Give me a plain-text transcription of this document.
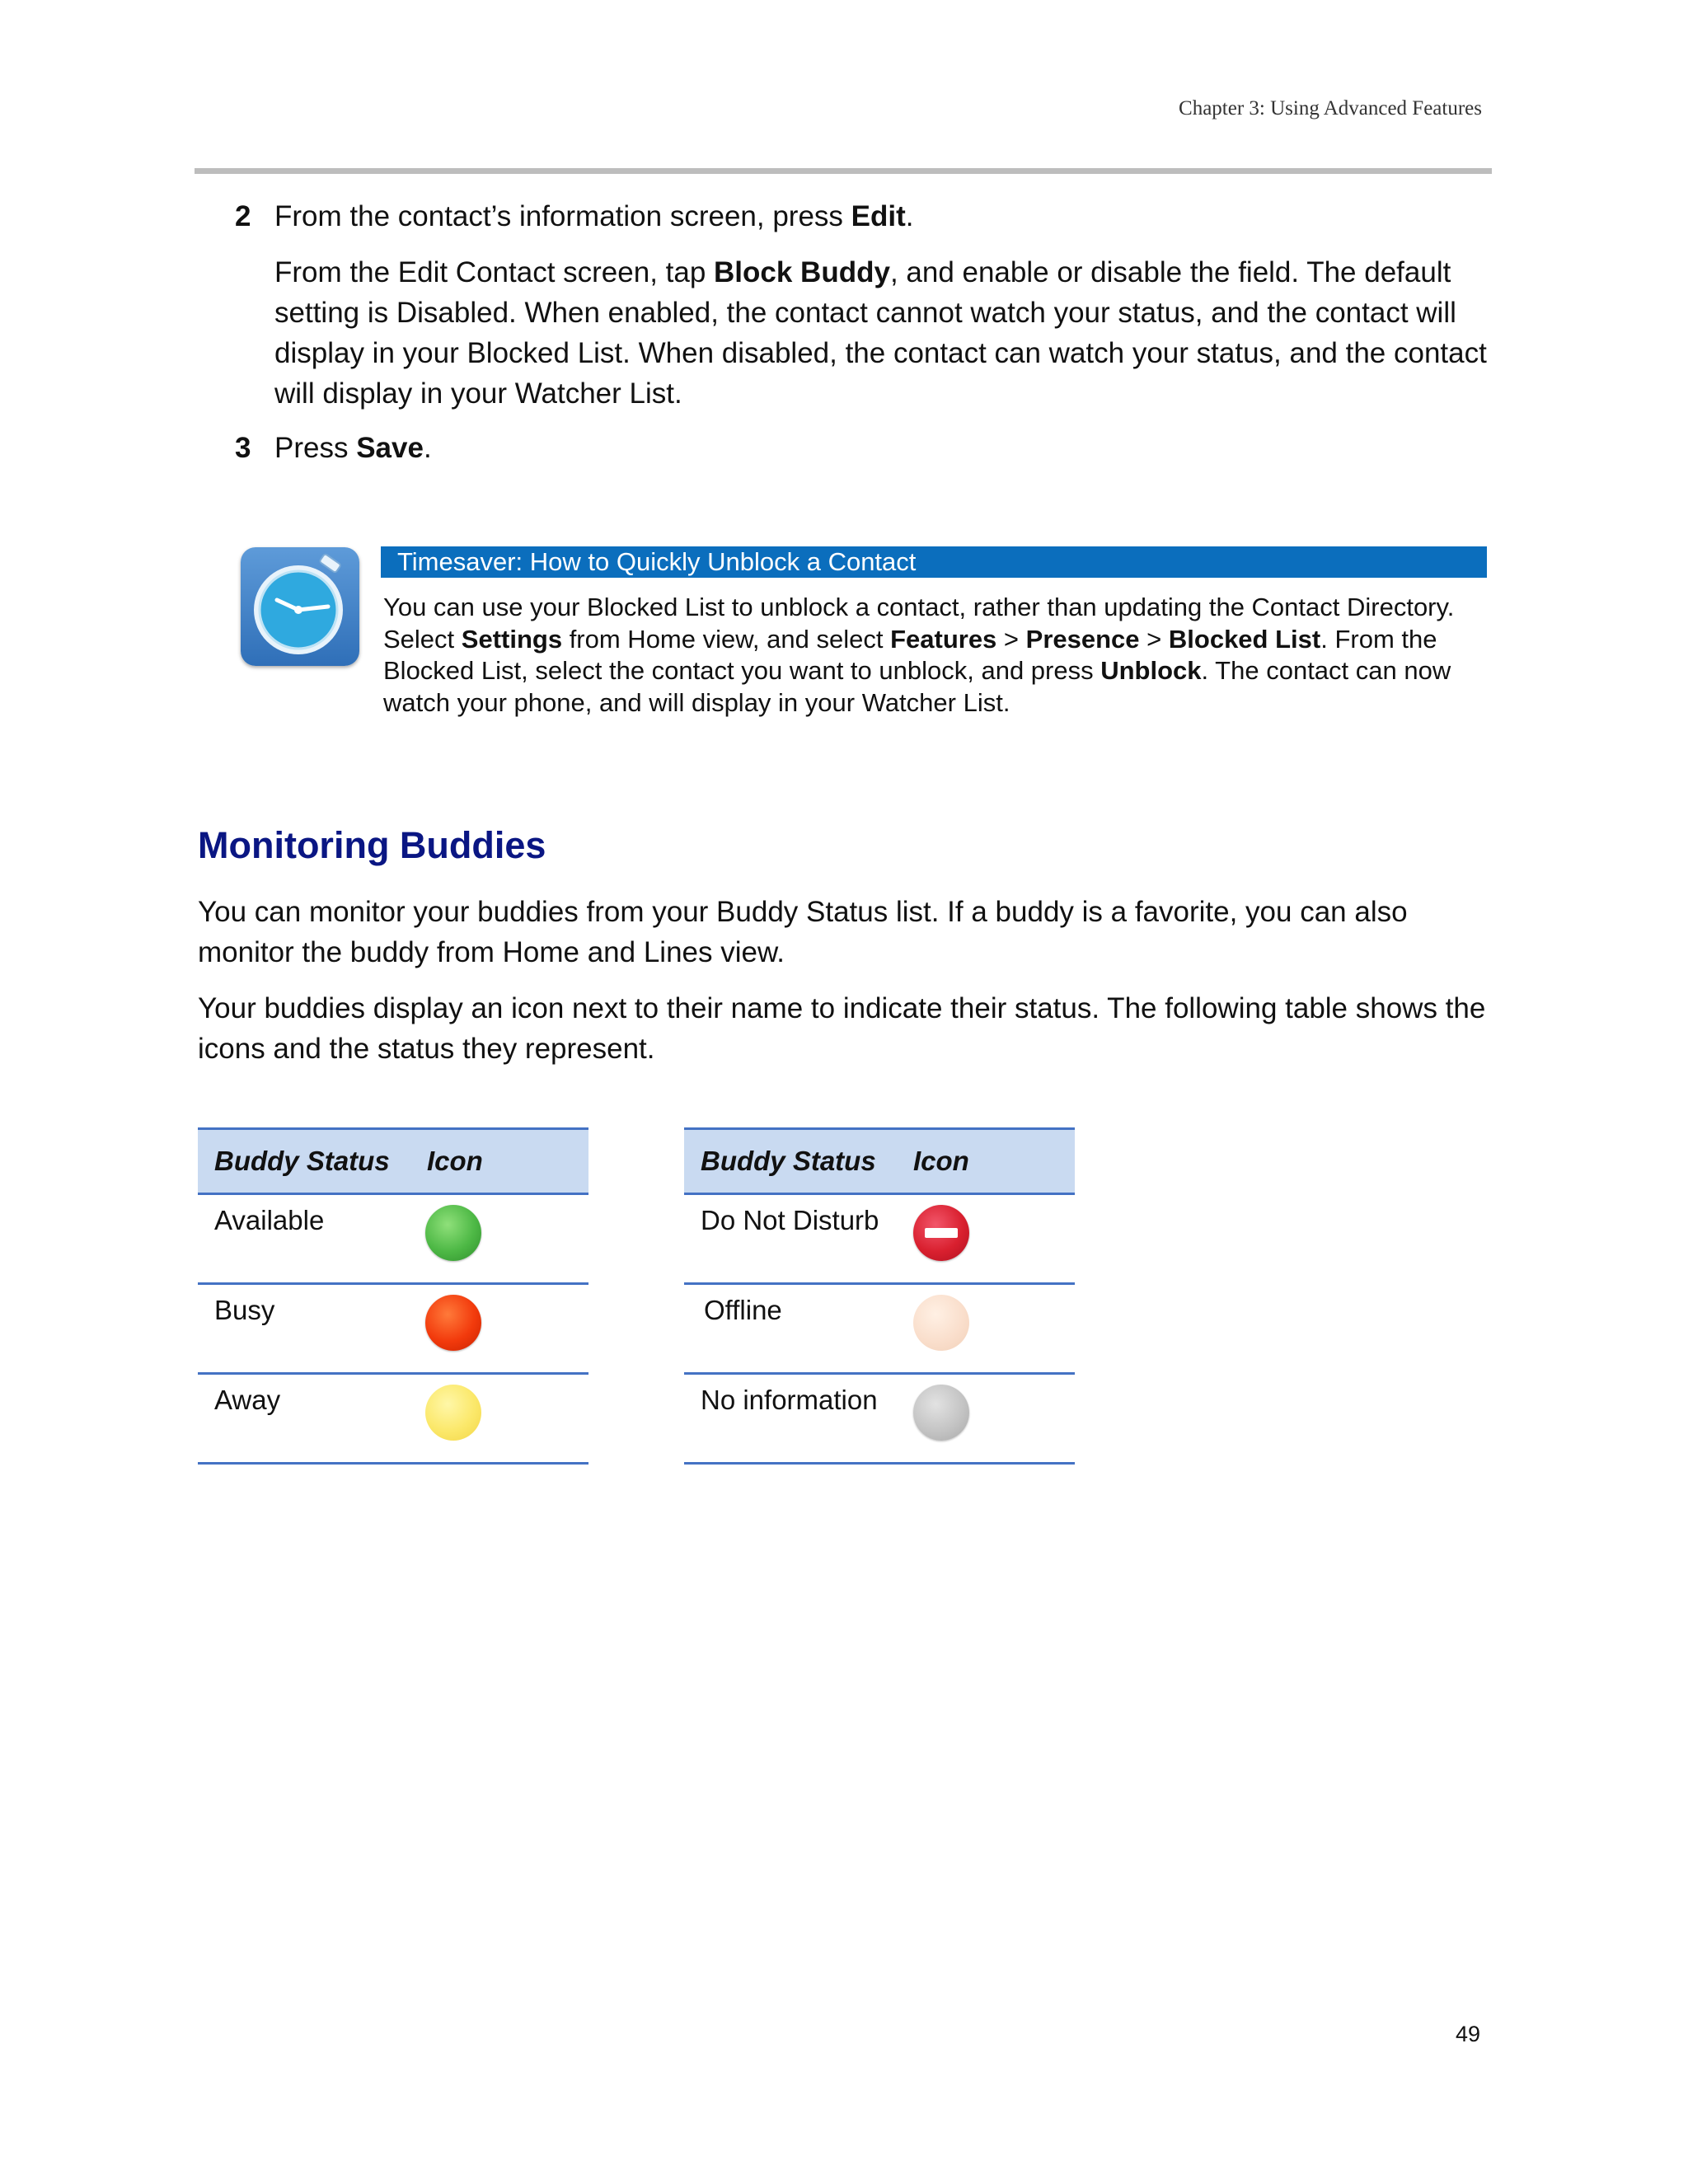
Chapter 3: Using Advanced Features
2 From the contact’s information screen, press Edit.
From the Edit Contact screen, tap Block Buddy, and enable or disable the field. The default setting is Disabled. When enabled, the contact cannot watch your status, and the contact will display in your Blocked List. When disabled, the contact can watch your status, and the contact will display in your Watcher List.
3 Press Save.
Timesaver: How to Quickly Unblock a Contact
You can use your Blocked List to unblock a contact, rather than updating the Contact Directory. Select Settings from Home view, and select Features > Presence > Blocked List. From the Blocked List, select the contact you want to unblock, and press Unblock. The contact can now watch your phone, and will display in your Watcher List.
Monitoring Buddies
You can monitor your buddies from your Buddy Status list. If a buddy is a favorite, you can also monitor the buddy from Home and Lines view.
Your buddies display an icon next to their name to indicate their status. The following table shows the icons and the status they represent.
Buddy Status Icon
Available
Busy
Away
Buddy Status Icon
Do Not Disturb
Offline
No information
49
